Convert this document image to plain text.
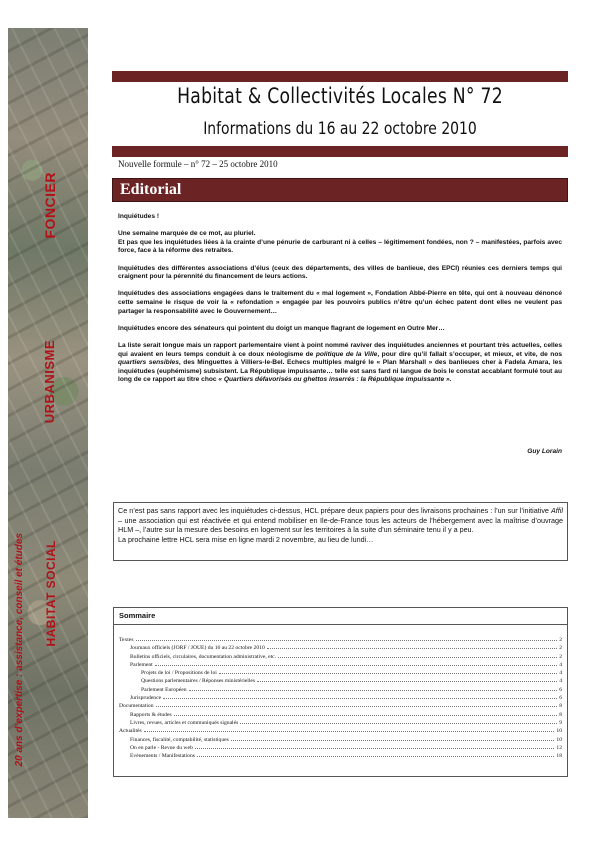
FONCIER
URBANISME
HABITAT SOCIAL
20 ans d’expertise : assistance, conseil et études
Habitat & Collectivités Locales N° 72
Informations du 16 au 22 octobre 2010
Nouvelle formule – n° 72 – 25 octobre 2010
Editorial

Inquiétudes !

Une semaine marquée de ce mot, au pluriel.
Et pas que les inquiétudes liées à la crainte d’une pénurie de carburant ni à celles – légitimement fondées, non ? – manifestées, parfois avec force, face à la réforme des retraites.

Inquiétudes des différentes associations d’élus (ceux des départements, des villes de banlieue, des EPCI) réunies ces derniers temps qui craignent pour la pérennité du financement de leurs actions.

Inquiétudes des associations engagées dans le traitement du « mal logement », Fondation Abbé-Pierre en tête, qui ont à nouveau dénoncé cette semaine le risque de voir la « refondation » engagée par les pouvoirs publics n’être qu’un échec patent dont elles ne veulent pas partager la responsabilité avec le Gouvernement…

Inquiétudes encore des sénateurs qui pointent du doigt un manque flagrant de logement en Outre Mer…

La liste serait longue mais un rapport parlementaire vient à point nommé raviver des inquiétudes anciennes et pourtant très actuelles, celles qui avaient en leurs temps conduit à ce doux néologisme de politique de la Ville, pour dire qu’il fallait s’occuper, et mieux, et vite, de nos quartiers sensibles, des Minguettes à Villiers-le-Bel. Echecs multiples malgré le « Plan Marshall » des banlieues cher à Fadela Amara, les inquiétudes (euphémisme) subsistent. La République impuissante… telle est sans fard ni langue de bois le constat accablant formulé tout au long de ce rapport au titre choc « Quartiers défavorisés ou ghettos inserrés : la République impuissante ».

Guy Lorain
Ce n’est pas sans rapport avec les inquiétudes ci-dessus, HCL prépare deux papiers pour des livraisons prochaines : l’un sur l’initiative Affil – une association qui est réactivée et qui entend mobiliser en Ile-de-France tous les acteurs de l’hébergement avec la maîtrise d’ouvrage HLM –, l’autre sur la mesure des besoins en logement sur les territoires à la suite d’un séminaire tenu il y a peu.
La prochaine lettre HCL sera mise en ligne mardi 2 novembre, au lieu de lundi…
Sommaire
Textes	2
Journaux officiels (JORF / JOUE) du 16 au 22 octobre 2010	2
Bulletins officiels, circulaires, documentation administrative, etc.	2
Parlement	4
Projets de loi / Propositions de loi	4
Questions parlementaires / Réponses ministérielles	4
Parlement Européen	6
Jurisprudence	6
Documentation	8
Rapports & études	8
Livres, revues, articles et communiqués signalés	9
Actualités	10
Finances, fiscalité, comptabilité, statistiques	10
On en parle - Revue du web	12
Evènements / Manifestations	18
